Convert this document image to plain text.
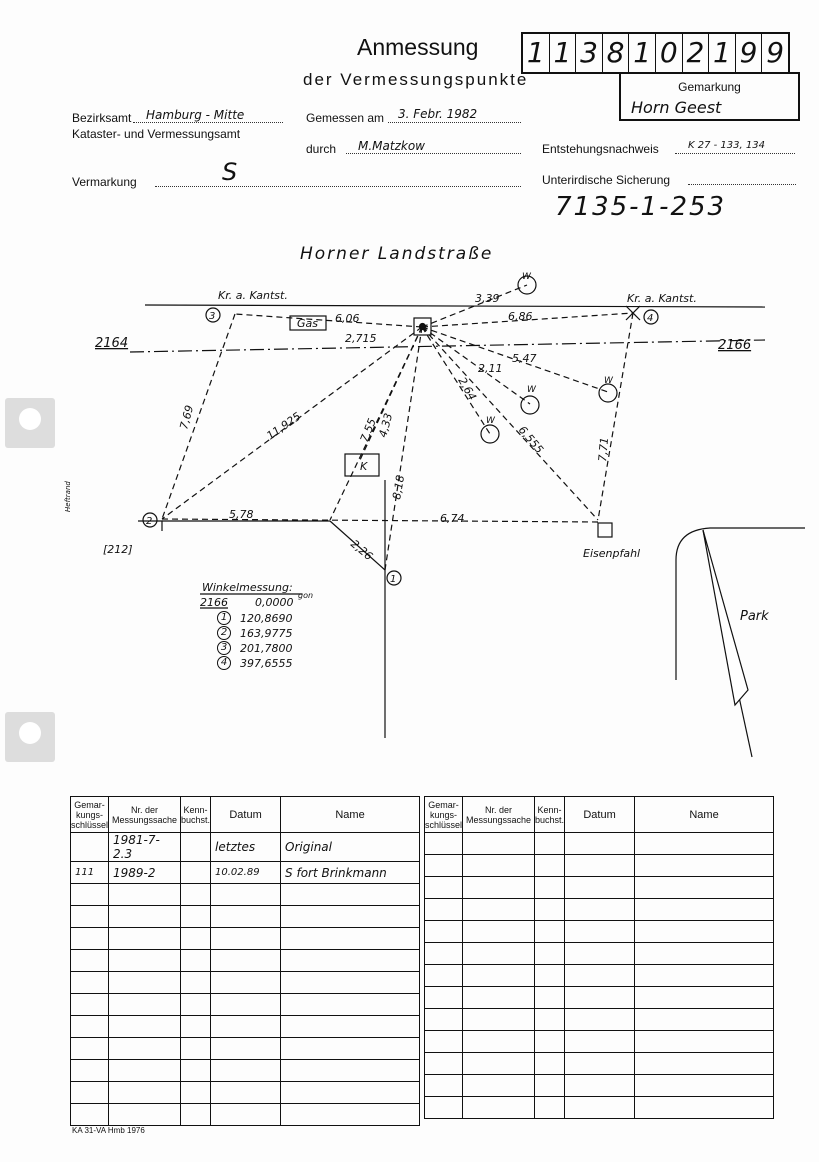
Anmessung
der Vermessungspunkte
1 1 3 8 1 0 2 1 9 9
Gemarkung
Horn Geest
Bezirksamt Hamburg - Mitte
Kataster- und Vermessungsamt
Gemessen am 3. Febr. 1982
durch M.Matzkow	Entstehungsnachweis	K 27 - 133, 134
Vermarkung	S	Unterirdische Sicherung
7135-1-253
Horner Landstraße
Kr. a. Kantst.	Kr. a. Kantst.
3	4
2
1
2164	2166
Gas
K
W
W
W
W
Eisenpfahl
[212]
Park
Heftrand
3,39
6,06
2,715
6,86
2,11
5,47
2,64
6,555
7,69	11,925	7,55
4,33
8,18
7,71
5,78	6,74
2,26
Winkelmessung:
gon
2166 0,0000
1	120,8690
2	163,9775
3	201,7800
4	397,6555
Gemar-kungs-schlüssel	Nr. der Messungssache	Kenn-buchst.	Datum	Name
	1981-7-2.3		letztes	Original
111	1989-2		10.02.89	S fort Brinkmann

Gemar-kungs-schlüssel	Nr. der Messungssache	Kenn-buchst.	Datum	Name

KA 31-VA Hmb 1976
